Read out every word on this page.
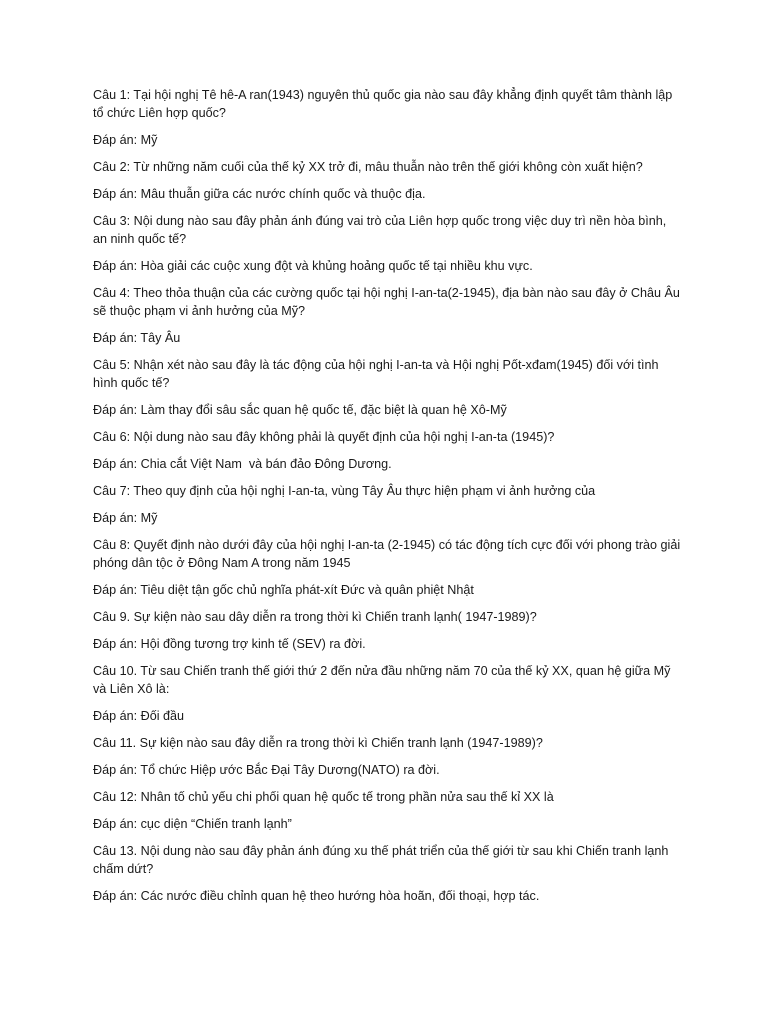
Câu 1: Tại hội nghị Tê hê-A ran(1943) nguyên thủ quốc gia nào sau đây khẳng định quyết tâm thành lập tổ chức Liên hợp quốc?

Đáp án: Mỹ

Câu 2: Từ những năm cuối của thế kỷ XX trở đi, mâu thuẫn nào trên thế giới không còn xuất hiện?

Đáp án: Mâu thuẫn giữa các nước chính quốc và thuộc địa.

Câu 3: Nội dung nào sau đây phản ánh đúng vai trò của Liên hợp quốc trong việc duy trì nền hòa bình, an ninh quốc tế?

Đáp án: Hòa giải các cuộc xung đột và khủng hoảng quốc tế tại nhiều khu vực.

Câu 4: Theo thỏa thuận của các cường quốc tại hội nghị I-an-ta(2-1945), địa bàn nào sau đây ở Châu Âu sẽ thuộc phạm vi ảnh hưởng của Mỹ?

Đáp án: Tây Âu

Câu 5: Nhận xét nào sau đây là tác động của hội nghị I-an-ta và Hội nghị Pốt-xđam(1945) đối với tình hình quốc tế?

Đáp án: Làm thay đổi sâu sắc quan hệ quốc tế, đặc biệt là quan hệ Xô-Mỹ

Câu 6: Nội dung nào sau đây không phải là quyết định của hội nghị I-an-ta (1945)?

Đáp án: Chia cắt Việt Nam  và bán đảo Đông Dương.

Câu 7: Theo quy định của hội nghị I-an-ta, vùng Tây Âu thực hiện phạm vi ảnh hưởng của

Đáp án: Mỹ

Câu 8: Quyết định nào dưới đây của hội nghị I-an-ta (2-1945) có tác động tích cực đối với phong trào giải phóng dân tộc ở Đông Nam A trong năm 1945

Đáp án: Tiêu diệt tận gốc chủ nghĩa phát-xít Đức và quân phiệt Nhật

Câu 9. Sự kiện nào sau dây diễn ra trong thời kì Chiến tranh lạnh( 1947-1989)?

Đáp án: Hội đồng tương trợ kinh tế (SEV) ra đời.

Câu 10. Từ sau Chiến tranh thế giới thứ 2 đến nửa đầu những năm 70 của thế kỷ XX, quan hệ giữa Mỹ và Liên Xô là:

Đáp án: Đối đầu

Câu 11. Sự kiện nào sau đây diễn ra trong thời kì Chiến tranh lạnh (1947-1989)?

Đáp án: Tổ chức Hiệp ước Bắc Đại Tây Dương(NATO) ra đời.

Câu 12: Nhân tố chủ yếu chi phối quan hệ quốc tế trong phần nửa sau thế kỉ XX là

Đáp án: cục diện “Chiến tranh lạnh”

Câu 13. Nội dung nào sau đây phản ánh đúng xu thế phát triển của thế giới từ sau khi Chiến tranh lạnh chấm dứt?

Đáp án: Các nước điều chỉnh quan hệ theo hướng hòa hoãn, đối thoại, hợp tác.
